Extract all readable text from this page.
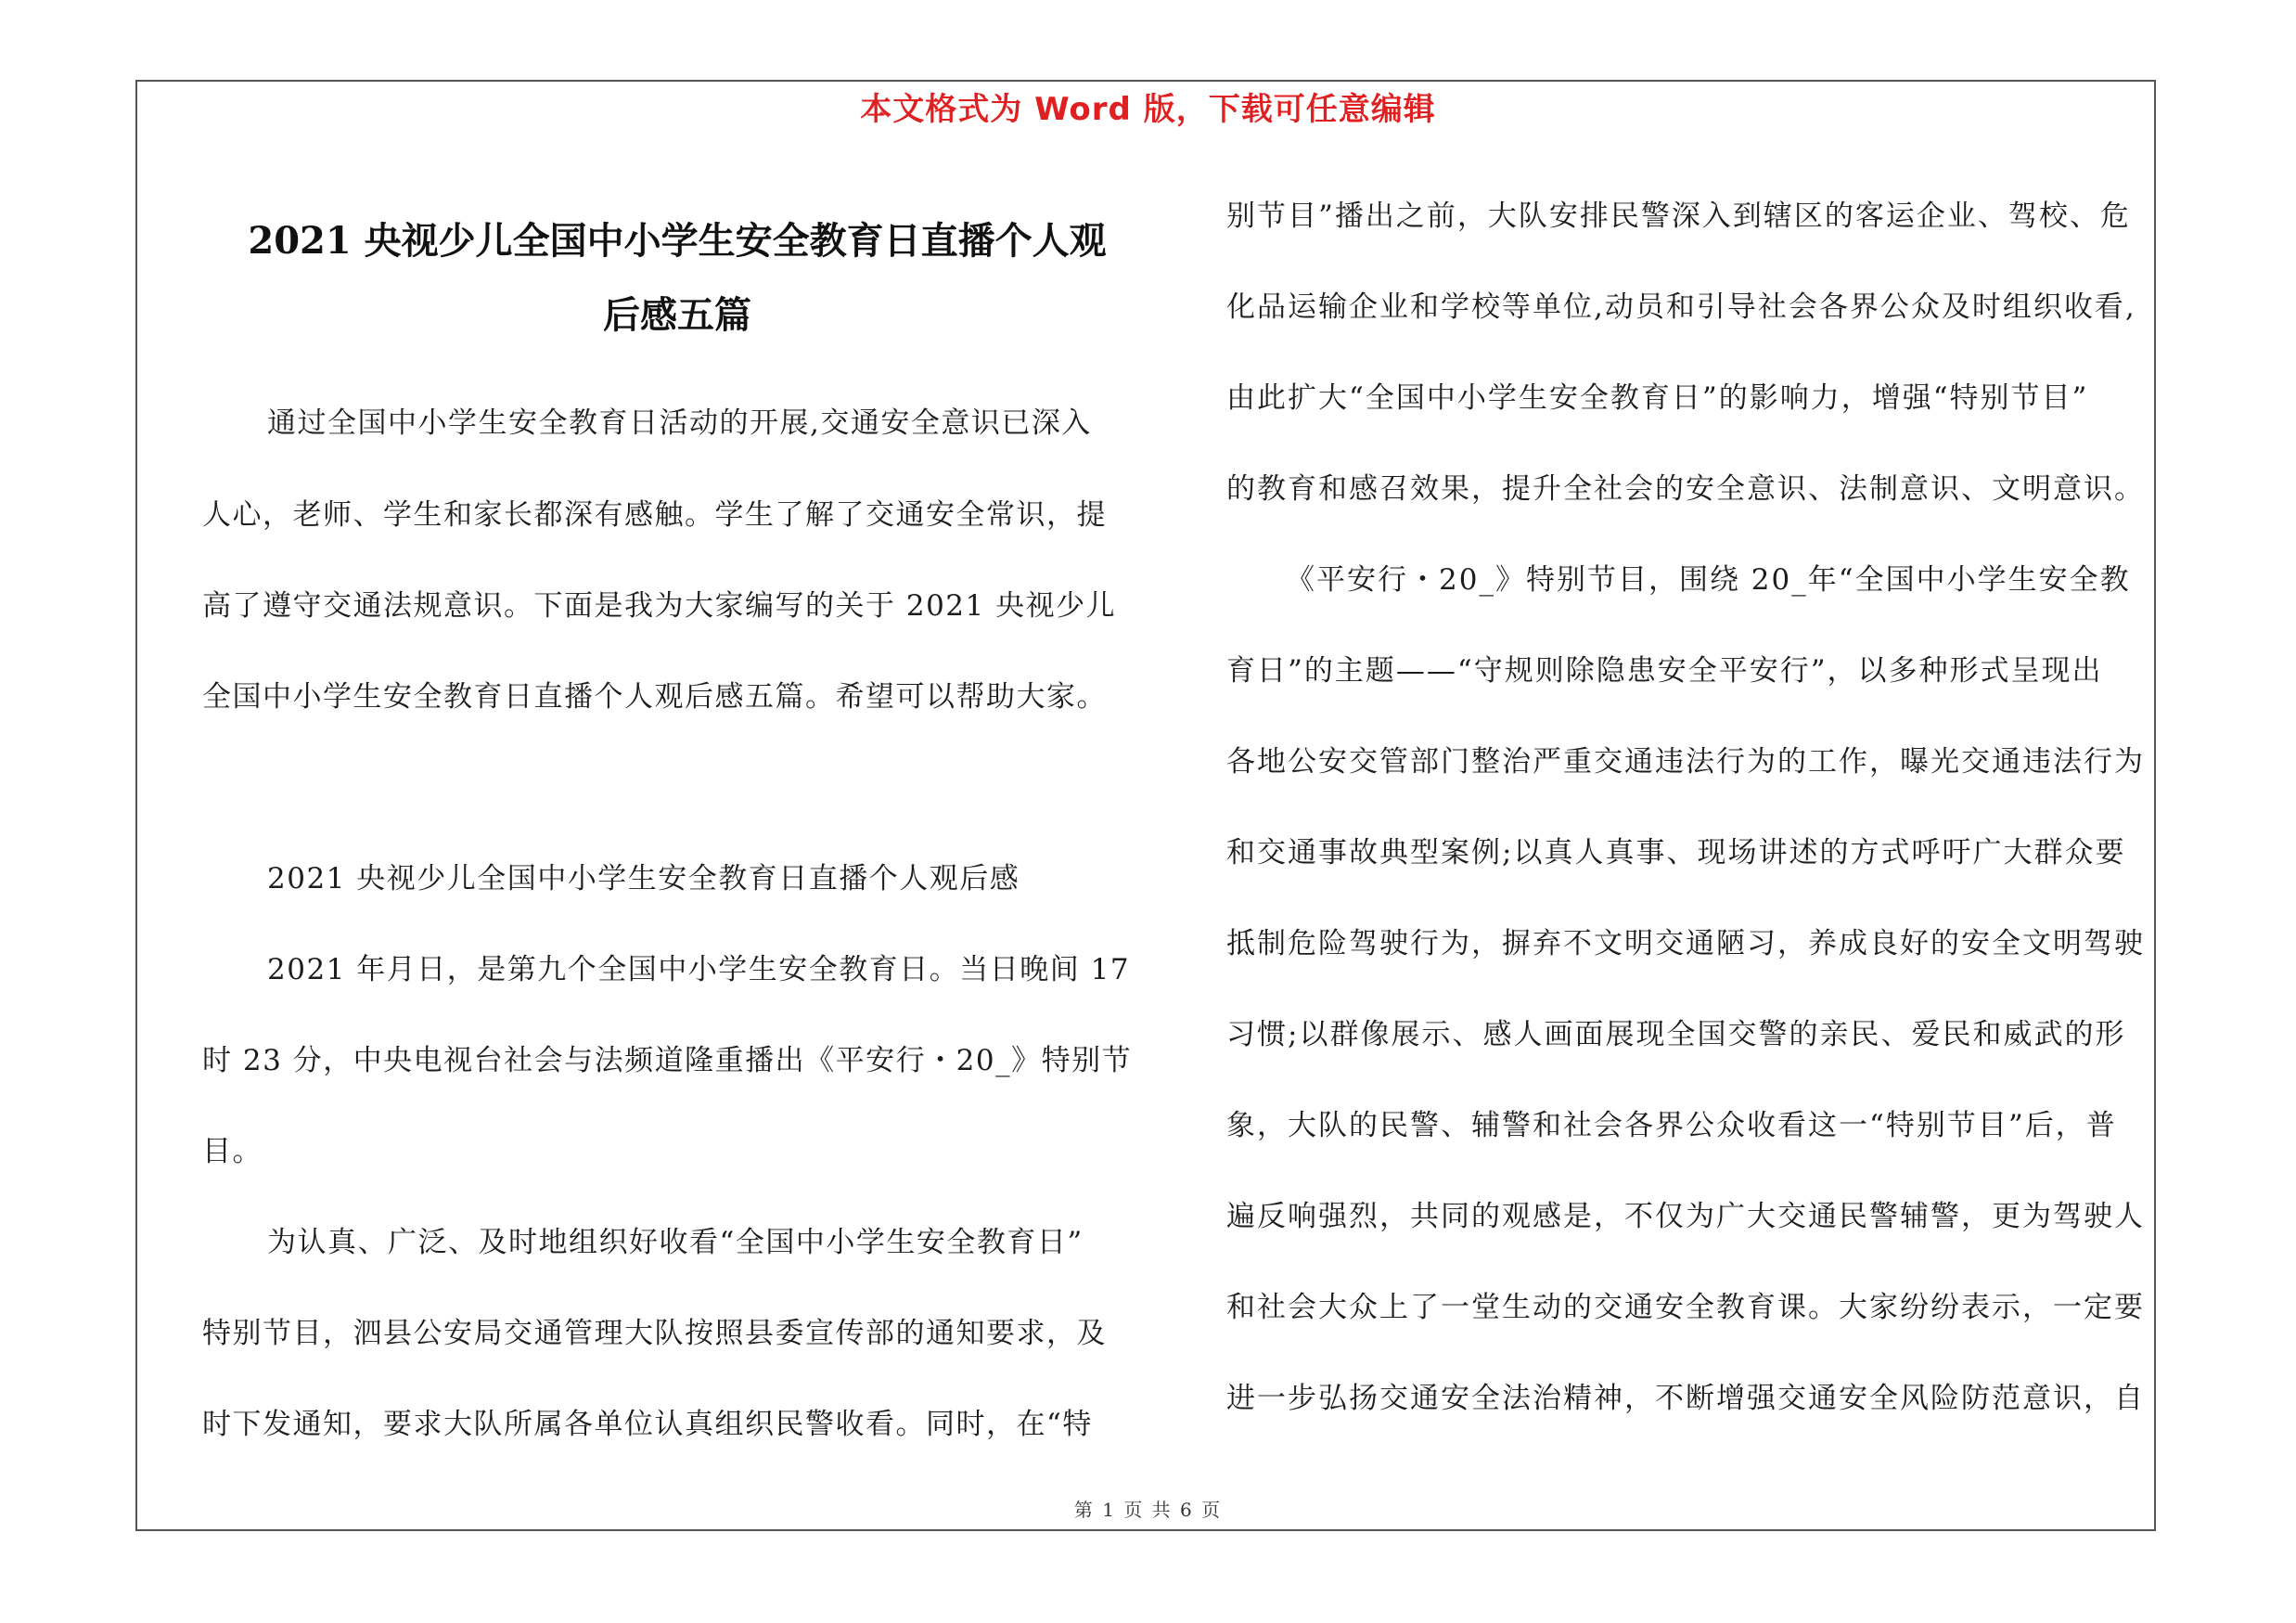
本文格式为 Word 版，下载可任意编辑
2021 央视少儿全国中小学生安全教育日直播个人观
后感五篇
通过全国中小学生安全教育日活动的开展,交通安全意识已深入
人心，老师、学生和家长都深有感触。学生了解了交通安全常识，提
高了遵守交通法规意识。下面是我为大家编写的关于 2021 央视少儿
全国中小学生安全教育日直播个人观后感五篇。希望可以帮助大家。
2021 央视少儿全国中小学生安全教育日直播个人观后感
2021 年月日，是第九个全国中小学生安全教育日。当日晚间 17
时 23 分，中央电视台社会与法频道隆重播出《平安行・20_》特别节
目。
为认真、广泛、及时地组织好收看“全国中小学生安全教育日”
特别节目，泗县公安局交通管理大队按照县委宣传部的通知要求，及
时下发通知，要求大队所属各单位认真组织民警收看。同时，在“特
别节目”播出之前，大队安排民警深入到辖区的客运企业、驾校、危
化品运输企业和学校等单位,动员和引导社会各界公众及时组织收看,
由此扩大“全国中小学生安全教育日”的影响力，增强“特别节目”
的教育和感召效果，提升全社会的安全意识、法制意识、文明意识。
《平安行・20_》特别节目，围绕 20_年“全国中小学生安全教
育日”的主题——“守规则除隐患安全平安行”，以多种形式呈现出
各地公安交管部门整治严重交通违法行为的工作，曝光交通违法行为
和交通事故典型案例;以真人真事、现场讲述的方式呼吁广大群众要
抵制危险驾驶行为，摒弃不文明交通陋习，养成良好的安全文明驾驶
习惯;以群像展示、感人画面展现全国交警的亲民、爱民和威武的形
象，大队的民警、辅警和社会各界公众收看这一“特别节目”后，普
遍反响强烈，共同的观感是，不仅为广大交通民警辅警，更为驾驶人
和社会大众上了一堂生动的交通安全教育课。大家纷纷表示，一定要
进一步弘扬交通安全法治精神，不断增强交通安全风险防范意识，自
第 1 页 共 6 页
